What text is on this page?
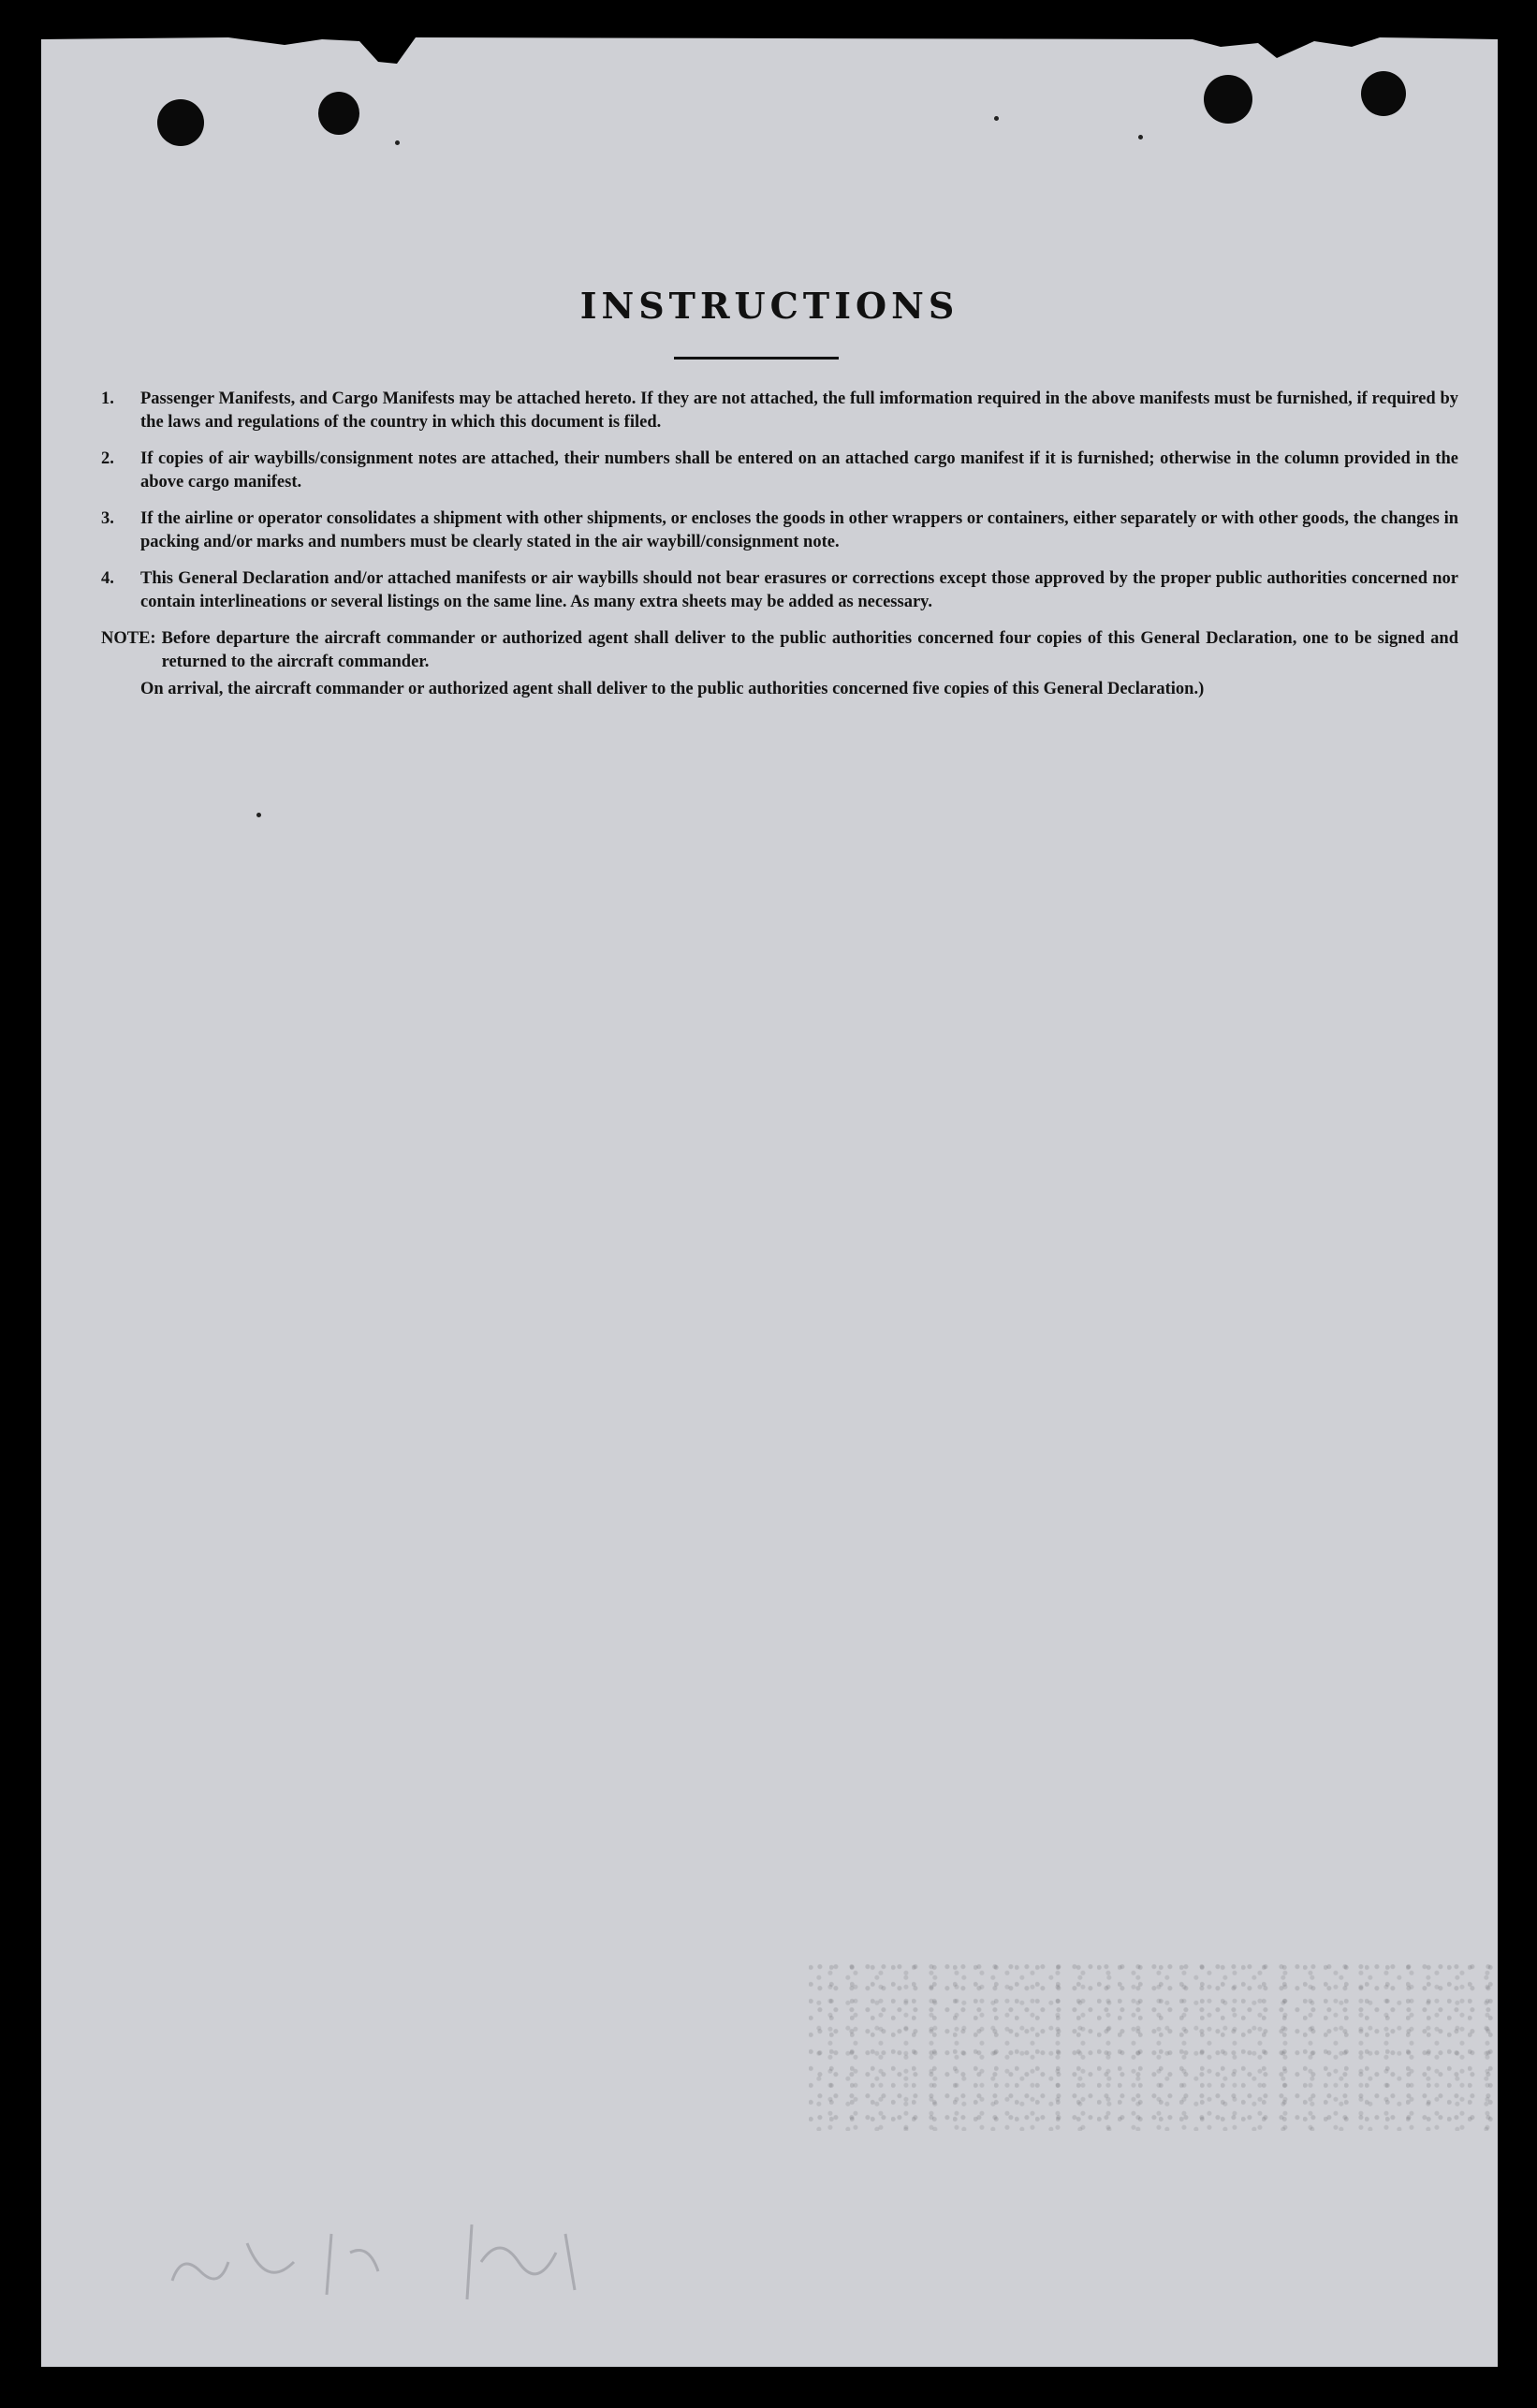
INSTRUCTIONS
1.	Passenger Manifests, and Cargo Manifests may be attached hereto. If they are not attached, the full imformation required in the above manifests must be furnished, if required by the laws and regulations of the country in which this document is filed.
2.	If copies of air waybills/consignment notes are attached, their numbers shall be entered on an attached cargo manifest if it is furnished; otherwise in the column provided in the above cargo manifest.
3.	If the airline or operator consolidates a shipment with other shipments, or encloses the goods in other wrappers or containers, either separately or with other goods, the changes in packing and/or marks and numbers must be clearly stated in the air waybill/consignment note.
4.	This General Declaration and/or attached manifests or air waybills should not bear erasures or corrections except those approved by the proper public authorities concerned nor contain interlineations or several listings on the same line. As many extra sheets may be added as necessary.
NOTE: Before departure the aircraft commander or authorized agent shall deliver to the public authorities concerned four copies of this General Declaration, one to be signed and returned to the aircraft commander.
On arrival, the aircraft commander or authorized agent shall deliver to the public authorities concerned five copies of this General Declaration.)
